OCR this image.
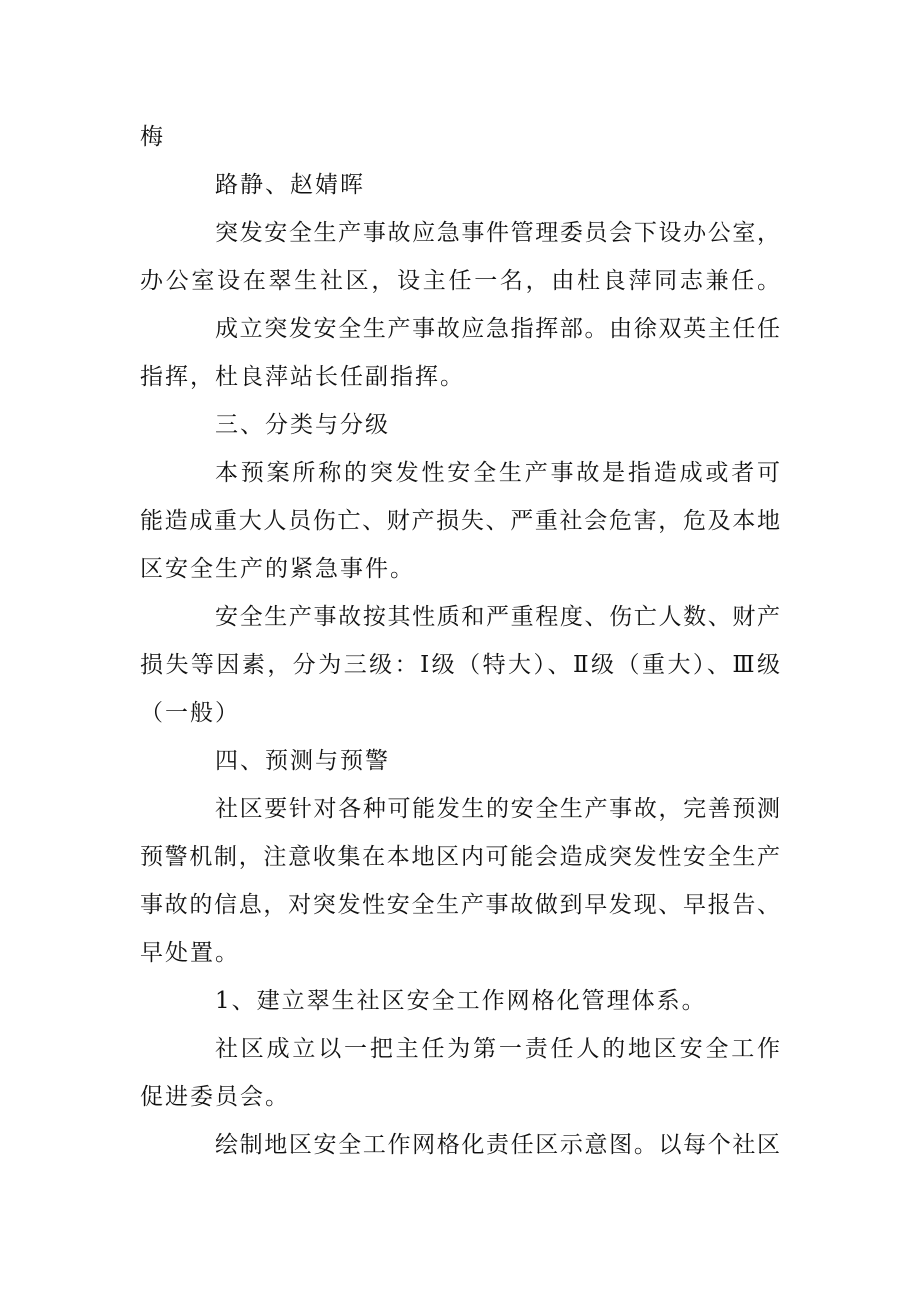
梅
路静、赵婧晖
突发安全生产事故应急事件管理委员会下设办公室，
办公室设在翠生社区，设主任一名，由杜良萍同志兼任。
成立突发安全生产事故应急指挥部。由徐双英主任任
指挥，杜良萍站长任副指挥。
三、分类与分级
本预案所称的突发性安全生产事故是指造成或者可
能造成重大人员伤亡、财产损失、严重社会危害，危及本地
区安全生产的紧急事件。
安全生产事故按其性质和严重程度、伤亡人数、财产
损失等因素，分为三级：Ⅰ级（特大）、Ⅱ级（重大）、Ⅲ级
（一般）
四、预测与预警
社区要针对各种可能发生的安全生产事故，完善预测
预警机制，注意收集在本地区内可能会造成突发性安全生产
事故的信息，对突发性安全生产事故做到早发现、早报告、
早处置。
1、建立翠生社区安全工作网格化管理体系。
社区成立以一把主任为第一责任人的地区安全工作
促进委员会。
绘制地区安全工作网格化责任区示意图。以每个社区
